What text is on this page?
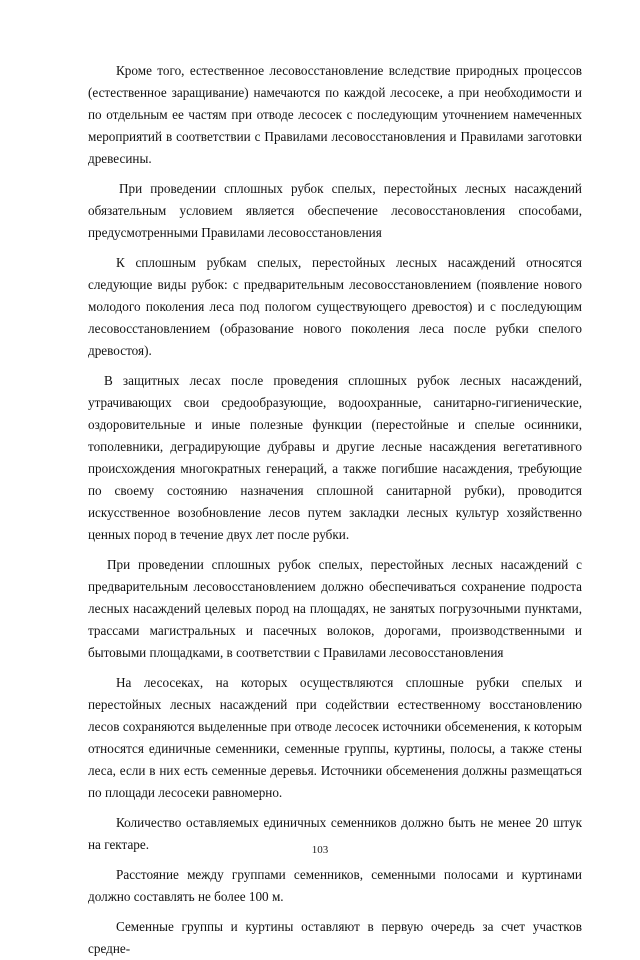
Кроме того, естественное лесовосстановление вследствие природных процессов (естественное заращивание) намечаются по каждой лесосеке, а при необходимости и по отдельным ее частям при отводе лесосек с последующим уточнением намеченных мероприятий в соответствии с Правилами лесовосстановления и Правилами заготовки древесины.

При проведении сплошных рубок спелых, перестойных лесных насаждений обязательным условием является обеспечение лесовосстановления способами, предусмотренными Правилами лесовосстановления

К сплошным рубкам спелых, перестойных лесных насаждений относятся следующие виды рубок: с предварительным лесовосстановлением (появление нового молодого поколения леса под пологом существующего древостоя) и с последующим лесовосстановлением (образование нового поколения леса после рубки спелого древостоя).

В защитных лесах после проведения сплошных рубок лесных насаждений, утрачивающих свои средообразующие, водоохранные, санитарно-гигиенические, оздоровительные и иные полезные функции (перестойные и спелые осинники, тополевники, деградирующие дубравы и другие лесные насаждения вегетативного происхождения многократных генераций, а также погибшие насаждения, требующие по своему состоянию назначения сплошной санитарной рубки), проводится искусственное возобновление лесов путем закладки лесных культур хозяйственно ценных пород в течение двух лет после рубки.

При проведении сплошных рубок спелых, перестойных лесных насаждений с предварительным лесовосстановлением должно обеспечиваться сохранение подроста лесных насаждений целевых пород на площадях, не занятых погрузочными пунктами, трассами магистральных и пасечных волоков, дорогами, производственными и бытовыми площадками, в соответствии с Правилами лесовосстановления

На лесосеках, на которых осуществляются сплошные рубки спелых и перестойных лесных насаждений при содействии естественному восстановлению лесов сохраняются выделенные при отводе лесосек источники обсеменения, к которым относятся единичные семенники, семенные группы, куртины, полосы, а также стены леса, если в них есть семенные деревья. Источники обсеменения должны размещаться по площади лесосеки равномерно.

Количество оставляемых единичных семенников должно быть не менее 20 штук на гектаре.

Расстояние между группами семенников, семенными полосами и куртинами должно составлять не более 100 м.

Семенные группы и куртины оставляют в первую очередь за счет участков средне-

103
